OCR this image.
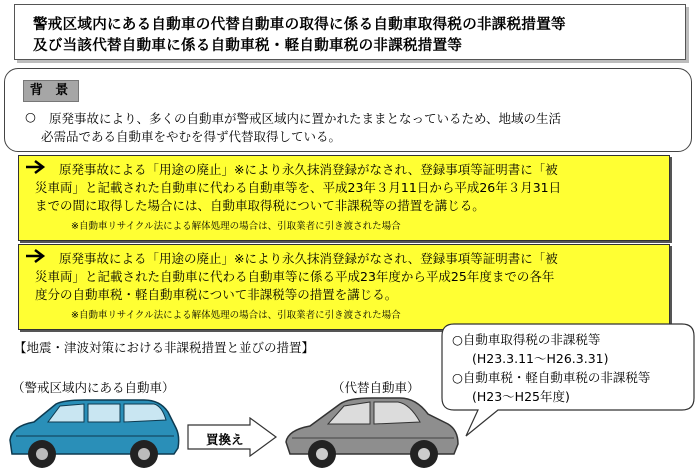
警戒区域内にある自動車の代替自動車の取得に係る自動車取得税の非課税措置等
及び当該代替自動車に係る自動車税・軽自動車税の非課税措置等
背 景
○ 原発事故により、多くの自動車が警戒区域内に置かれたままとなっているため、地域の生活
必需品である自動車をやむを得ず代替取得している。
原発事故による「用途の廃止」※により永久抹消登録がなされ、登録事項等証明書に「被
災車両」と記載された自動車に代わる自動車等を、平成23年３月11日から平成26年３月31日
までの間に取得した場合には、自動車取得税について非課税等の措置を講じる。
※自動車リサイクル法による解体処理の場合は、引取業者に引き渡された場合
原発事故による「用途の廃止」※により永久抹消登録がなされ、登録事項等証明書に「被
災車両」と記載された自動車に代わる自動車等に係る平成23年度から平成25年度までの各年
度分の自動車税・軽自動車税について非課税等の措置を講じる。
※自動車リサイクル法による解体処理の場合は、引取業者に引き渡された場合
【地震・津波対策における非課税措置と並びの措置】
○自動車取得税の非課税等
(H23.3.11～H26.3.31)
○自動車税・軽自動車税の非課税等
(H23～H25年度)
（警戒区域内にある自動車）	（代替自動車）
買換え
